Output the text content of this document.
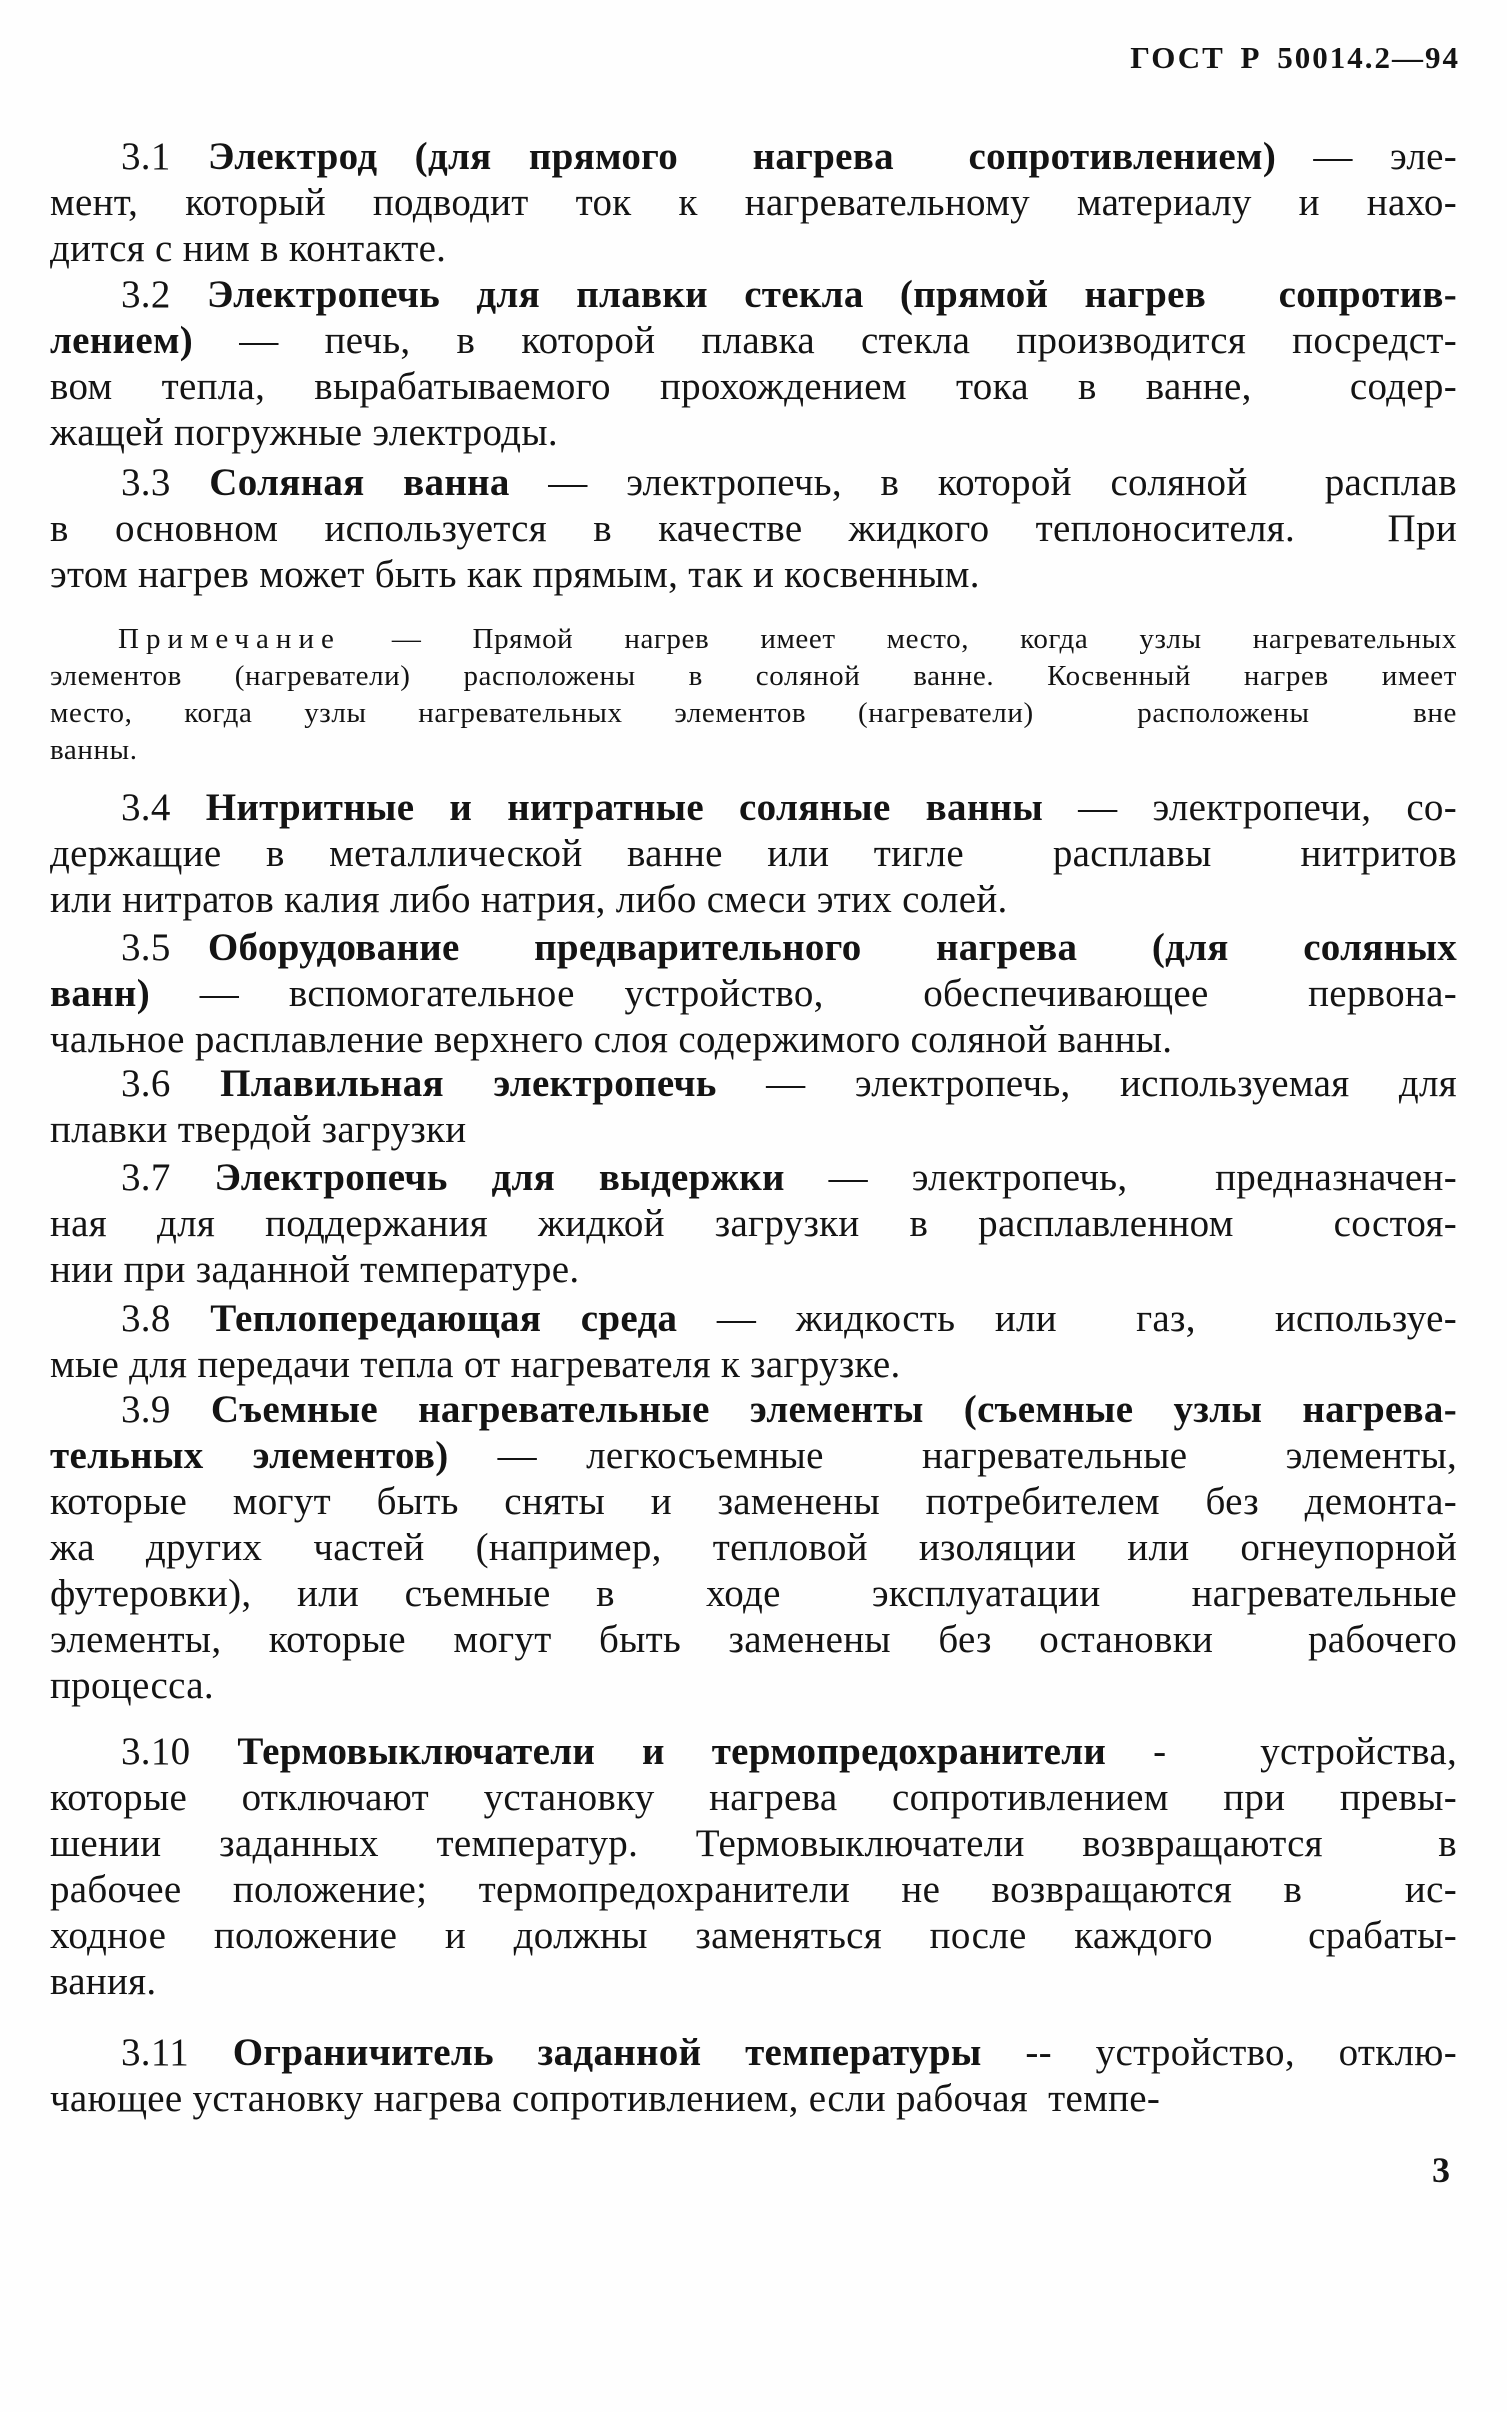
ГОСТ Р 50014.2—94
3.1 Электрод (для прямого  нагрева  сопротивлением) — эле-
мент, который подводит ток к нагревательному материалу и нахо-
дится с ним в контакте.
3.2 Электропечь для плавки стекла (прямой нагрев  сопротив-
лением) — печь, в которой плавка стекла производится посредст-
вом тепла, вырабатываемого прохождением тока в ванне,  содер-
жащей погружные электроды.
3.3 Соляная ванна — электропечь, в которой соляной  расплав
в основном используется в качестве жидкого теплоносителя.  При
этом нагрев может быть как прямым, так и косвенным.
Примечание — Прямой нагрев имеет место, когда узлы нагревательных
элементов (нагреватели) расположены в соляной ванне. Косвенный нагрев имеет
место, когда узлы нагревательных элементов (нагреватели)  расположены  вне
ванны.
3.4 Нитритные и нитратные соляные ванны — электропечи, со-
держащие в металлической ванне или тигле  расплавы  нитритов
или нитратов калия либо натрия, либо смеси этих солей.
3.5 Оборудование  предварительного  нагрева  (для  соляных
ванн) — вспомогательное устройство,  обеспечивающее  первона-
чальное расплавление верхнего слоя содержимого соляной ванны.
3.6 Плавильная электропечь — электропечь, используемая для
плавки твердой загрузки
3.7 Электропечь для выдержки — электропечь,  предназначен-
ная для поддержания жидкой загрузки в расплавленном  состоя-
нии при заданной температуре.
3.8 Теплопередающая среда — жидкость или  газ,  используе-
мые для передачи тепла от нагревателя к загрузке.
3.9 Съемные нагревательные элементы (съемные узлы нагрева-
тельных элементов) — легкосъемные  нагревательные  элементы,
которые могут быть сняты и заменены потребителем без демонта-
жа других частей (например, тепловой изоляции или огнеупорной
футеровки), или съемные в  ходе  эксплуатации  нагревательные
элементы, которые могут быть заменены без остановки  рабочего
процесса.
3.10 Термовыключатели и термопредохранители -  устройства,
которые отключают установку нагрева сопротивлением при превы-
шении заданных температур. Термовыключатели возвращаются  в
рабочее положение; термопредохранители не возвращаются в  ис-
ходное положение и должны заменяться после каждого  срабаты-
вания.
3.11 Ограничитель заданной температуры -- устройство, отклю-
чающее установку нагрева сопротивлением, если рабочая  темпе-
3
